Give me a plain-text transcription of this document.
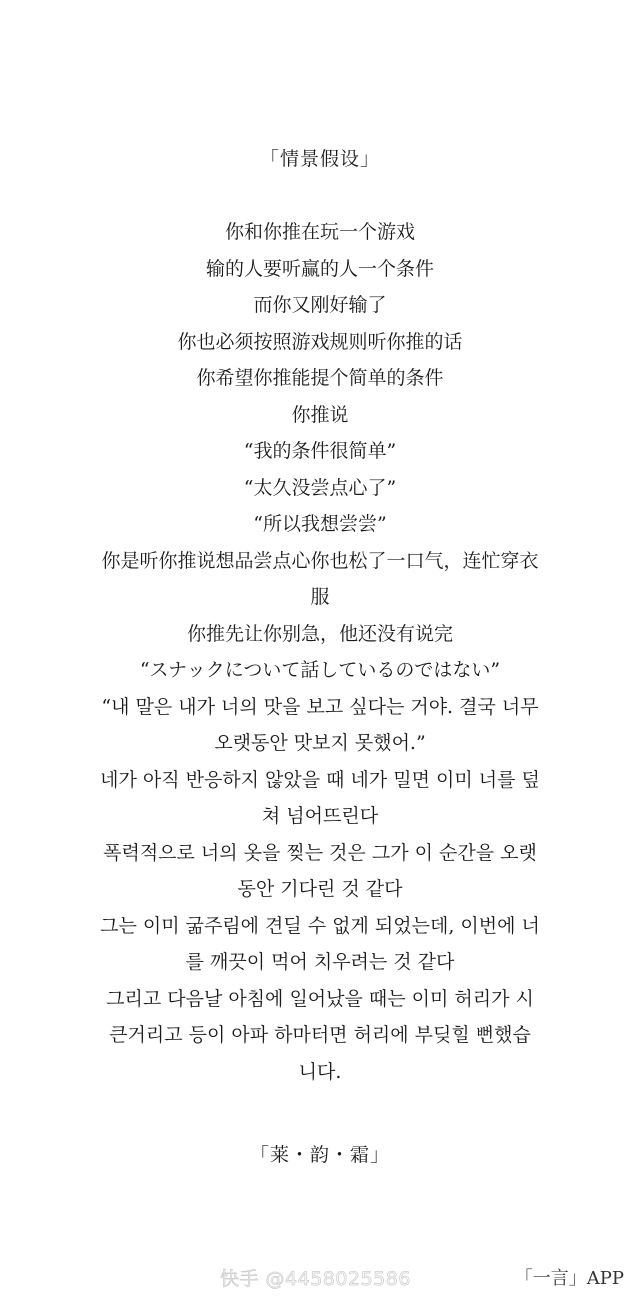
「情景假设」
你和你推在玩一个游戏
输的人要听赢的人一个条件
而你又刚好输了
你也必须按照游戏规则听你推的话
你希望你推能提个简单的条件
你推说
“我的条件很简单”
“太久没尝点心了”
“所以我想尝尝”
你是听你推说想品尝点心你也松了一口气，连忙穿衣服
你推先让你别急，他还没有说完
“スナックについて話しているのではない”
“내 말은 내가 너의 맛을 보고 싶다는 거야. 결국 너무 오랫동안 맛보지 못했어.”
네가 아직 반응하지 않았을 때 네가 밀면 이미 너를 덮쳐 넘어뜨린다
폭력적으로 너의 옷을 찢는 것은 그가 이 순간을 오랫동안 기다린 것 같다
그는 이미 굶주림에 견딜 수 없게 되었는데, 이번에 너를 깨끗이 먹어 치우려는 것 같다
그리고 다음날 아침에 일어났을 때는 이미 허리가 시큰거리고 등이 아파 하마터면 허리에 부딪힐 뻔했습니다.
「莱・韵・霜」
快手 @4458025586	「一言」APP
